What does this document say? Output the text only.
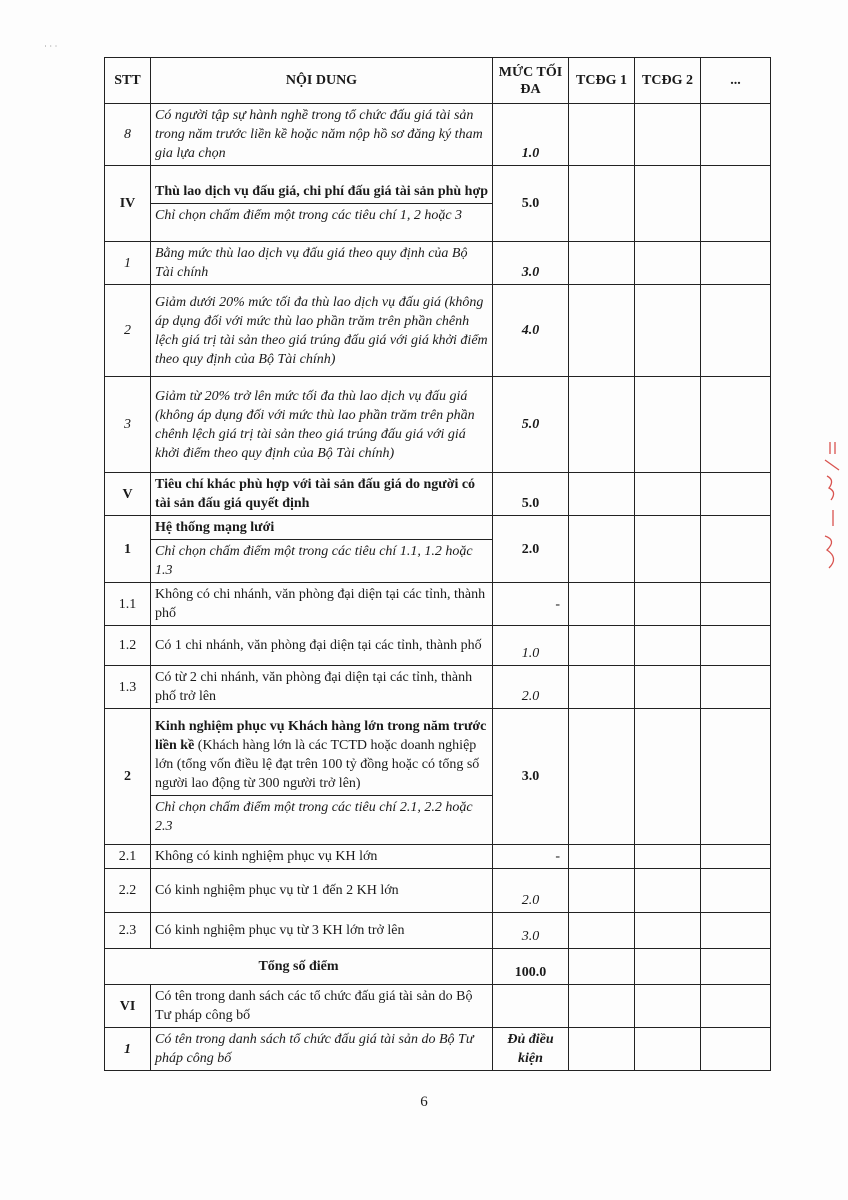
˙ ˙ ˙
STT	NỘI DUNG	MỨC TỐI ĐA	TCĐG 1	TCĐG 2	...
8	Có người tập sự hành nghề trong tổ chức đấu giá tài sản trong năm trước liền kề hoặc năm nộp hồ sơ đăng ký tham gia lựa chọn	1.0			
IV	Thù lao dịch vụ đấu giá, chi phí đấu giá tài sản phù hợp
Chỉ chọn chấm điểm một trong các tiêu chí 1, 2 hoặc 3	5.0			
1	Bằng mức thù lao dịch vụ đấu giá theo quy định của Bộ Tài chính	3.0			
2	Giảm dưới 20% mức tối đa thù lao dịch vụ đấu giá (không áp dụng đối với mức thù lao phần trăm trên phần chênh lệch giá trị tài sản theo giá trúng đấu giá với giá khởi điểm theo quy định của Bộ Tài chính)	4.0			
3	Giảm từ 20% trở lên mức tối đa thù lao dịch vụ đấu giá (không áp dụng đối với mức thù lao phần trăm trên phần chênh lệch giá trị tài sản theo giá trúng đấu giá với giá khởi điểm theo quy định của Bộ Tài chính)	5.0			
V	Tiêu chí khác phù hợp với tài sản đấu giá do người có tài sản đấu giá quyết định	5.0			
1	Hệ thống mạng lưới
Chỉ chọn chấm điểm một trong các tiêu chí 1.1, 1.2 hoặc 1.3	2.0			
1.1	Không có chi nhánh, văn phòng đại diện tại các tỉnh, thành phố	-			
1.2	Có 1 chi nhánh, văn phòng đại diện tại các tỉnh, thành phố	1.0			
1.3	Có từ 2 chi nhánh, văn phòng đại diện tại các tỉnh, thành phố trở lên	2.0			
2	Kinh nghiệm phục vụ Khách hàng lớn trong năm trước liền kề (Khách hàng lớn là các TCTD hoặc doanh nghiệp lớn (tổng vốn điều lệ đạt trên 100 tỷ đồng hoặc có tổng số người lao động từ 300 người trở lên)
Chỉ chọn chấm điểm một trong các tiêu chí 2.1, 2.2 hoặc 2.3	3.0			
2.1	Không có kinh nghiệm phục vụ KH lớn	-			
2.2	Có kinh nghiệm phục vụ từ 1 đến 2 KH lớn	2.0			
2.3	Có kinh nghiệm phục vụ từ 3 KH lớn trở lên	3.0			
Tổng số điểm		100.0			
VI	Có tên trong danh sách các tổ chức đấu giá tài sản do Bộ Tư pháp công bố				
1	Có tên trong danh sách tổ chức đấu giá tài sản do Bộ Tư pháp công bố	Đủ điều kiện			
6
